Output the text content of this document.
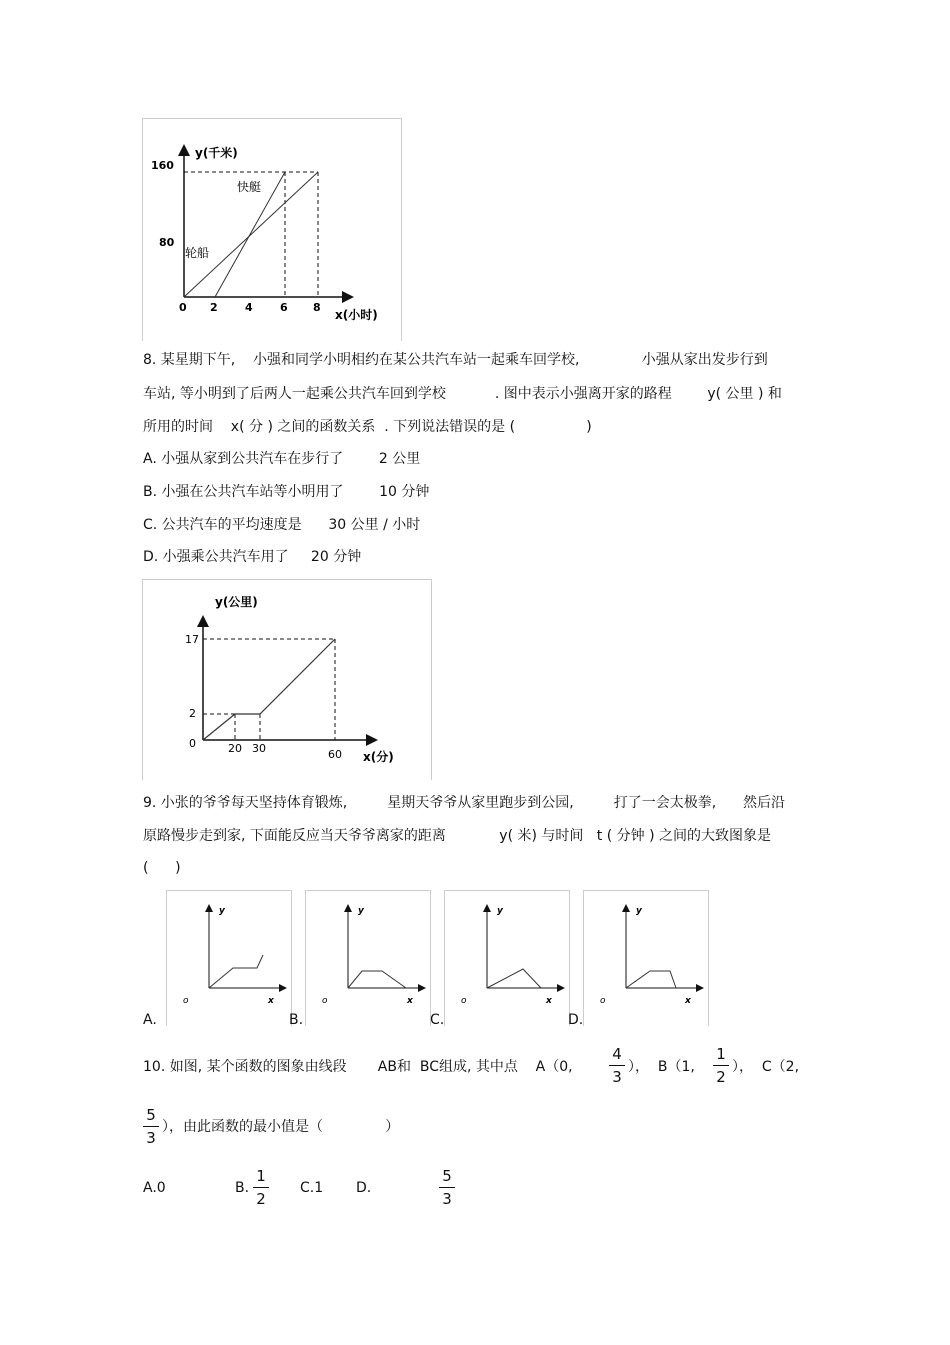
y(千米)
160
80
0 2 4 6 8
x(小时)
快艇
轮船
8. 某星期下午,    小强和同学小明相约在某公共汽车站一起乘车回学校,              小强从家出发步行到
车站, 等小明到了后两人一起乘公共汽车回到学校           . 图中表示小强离开家的路程        y( 公里 ) 和
所用的时间    x( 分 ) 之间的函数关系  . 下列说法错误的是 (                )
A. 小强从家到公共汽车在步行了        2 公里
B. 小强在公共汽车站等小明用了        10 分钟
C. 公共汽车的平均速度是      30 公里 / 小时
D. 小强乘公共汽车用了     20 分钟
y(公里)
17
2
0	20 30	60 x(分)
9. 小张的爷爷每天坚持体育锻炼,         星期天爷爷从家里跑步到公园,         打了一会太极拳,      然后沿
原路慢步走到家, 下面能反应当天爷爷离家的距离            y( 米) 与时间   t ( 分钟 ) 之间的大致图象是
(      )
y
o	x
y
o	x
y
o	x
y
o	x
A.	B.	C.	D.
10. 如图, 某个函数的图象由线段       AB和  BC组成, 其中点    A（0,
4
3
），  B（1,
1
2
），  C（2,
5
3
），由此函数的最小值是（              ）
A.0	B.
1
2
C.1 D.
5
3
